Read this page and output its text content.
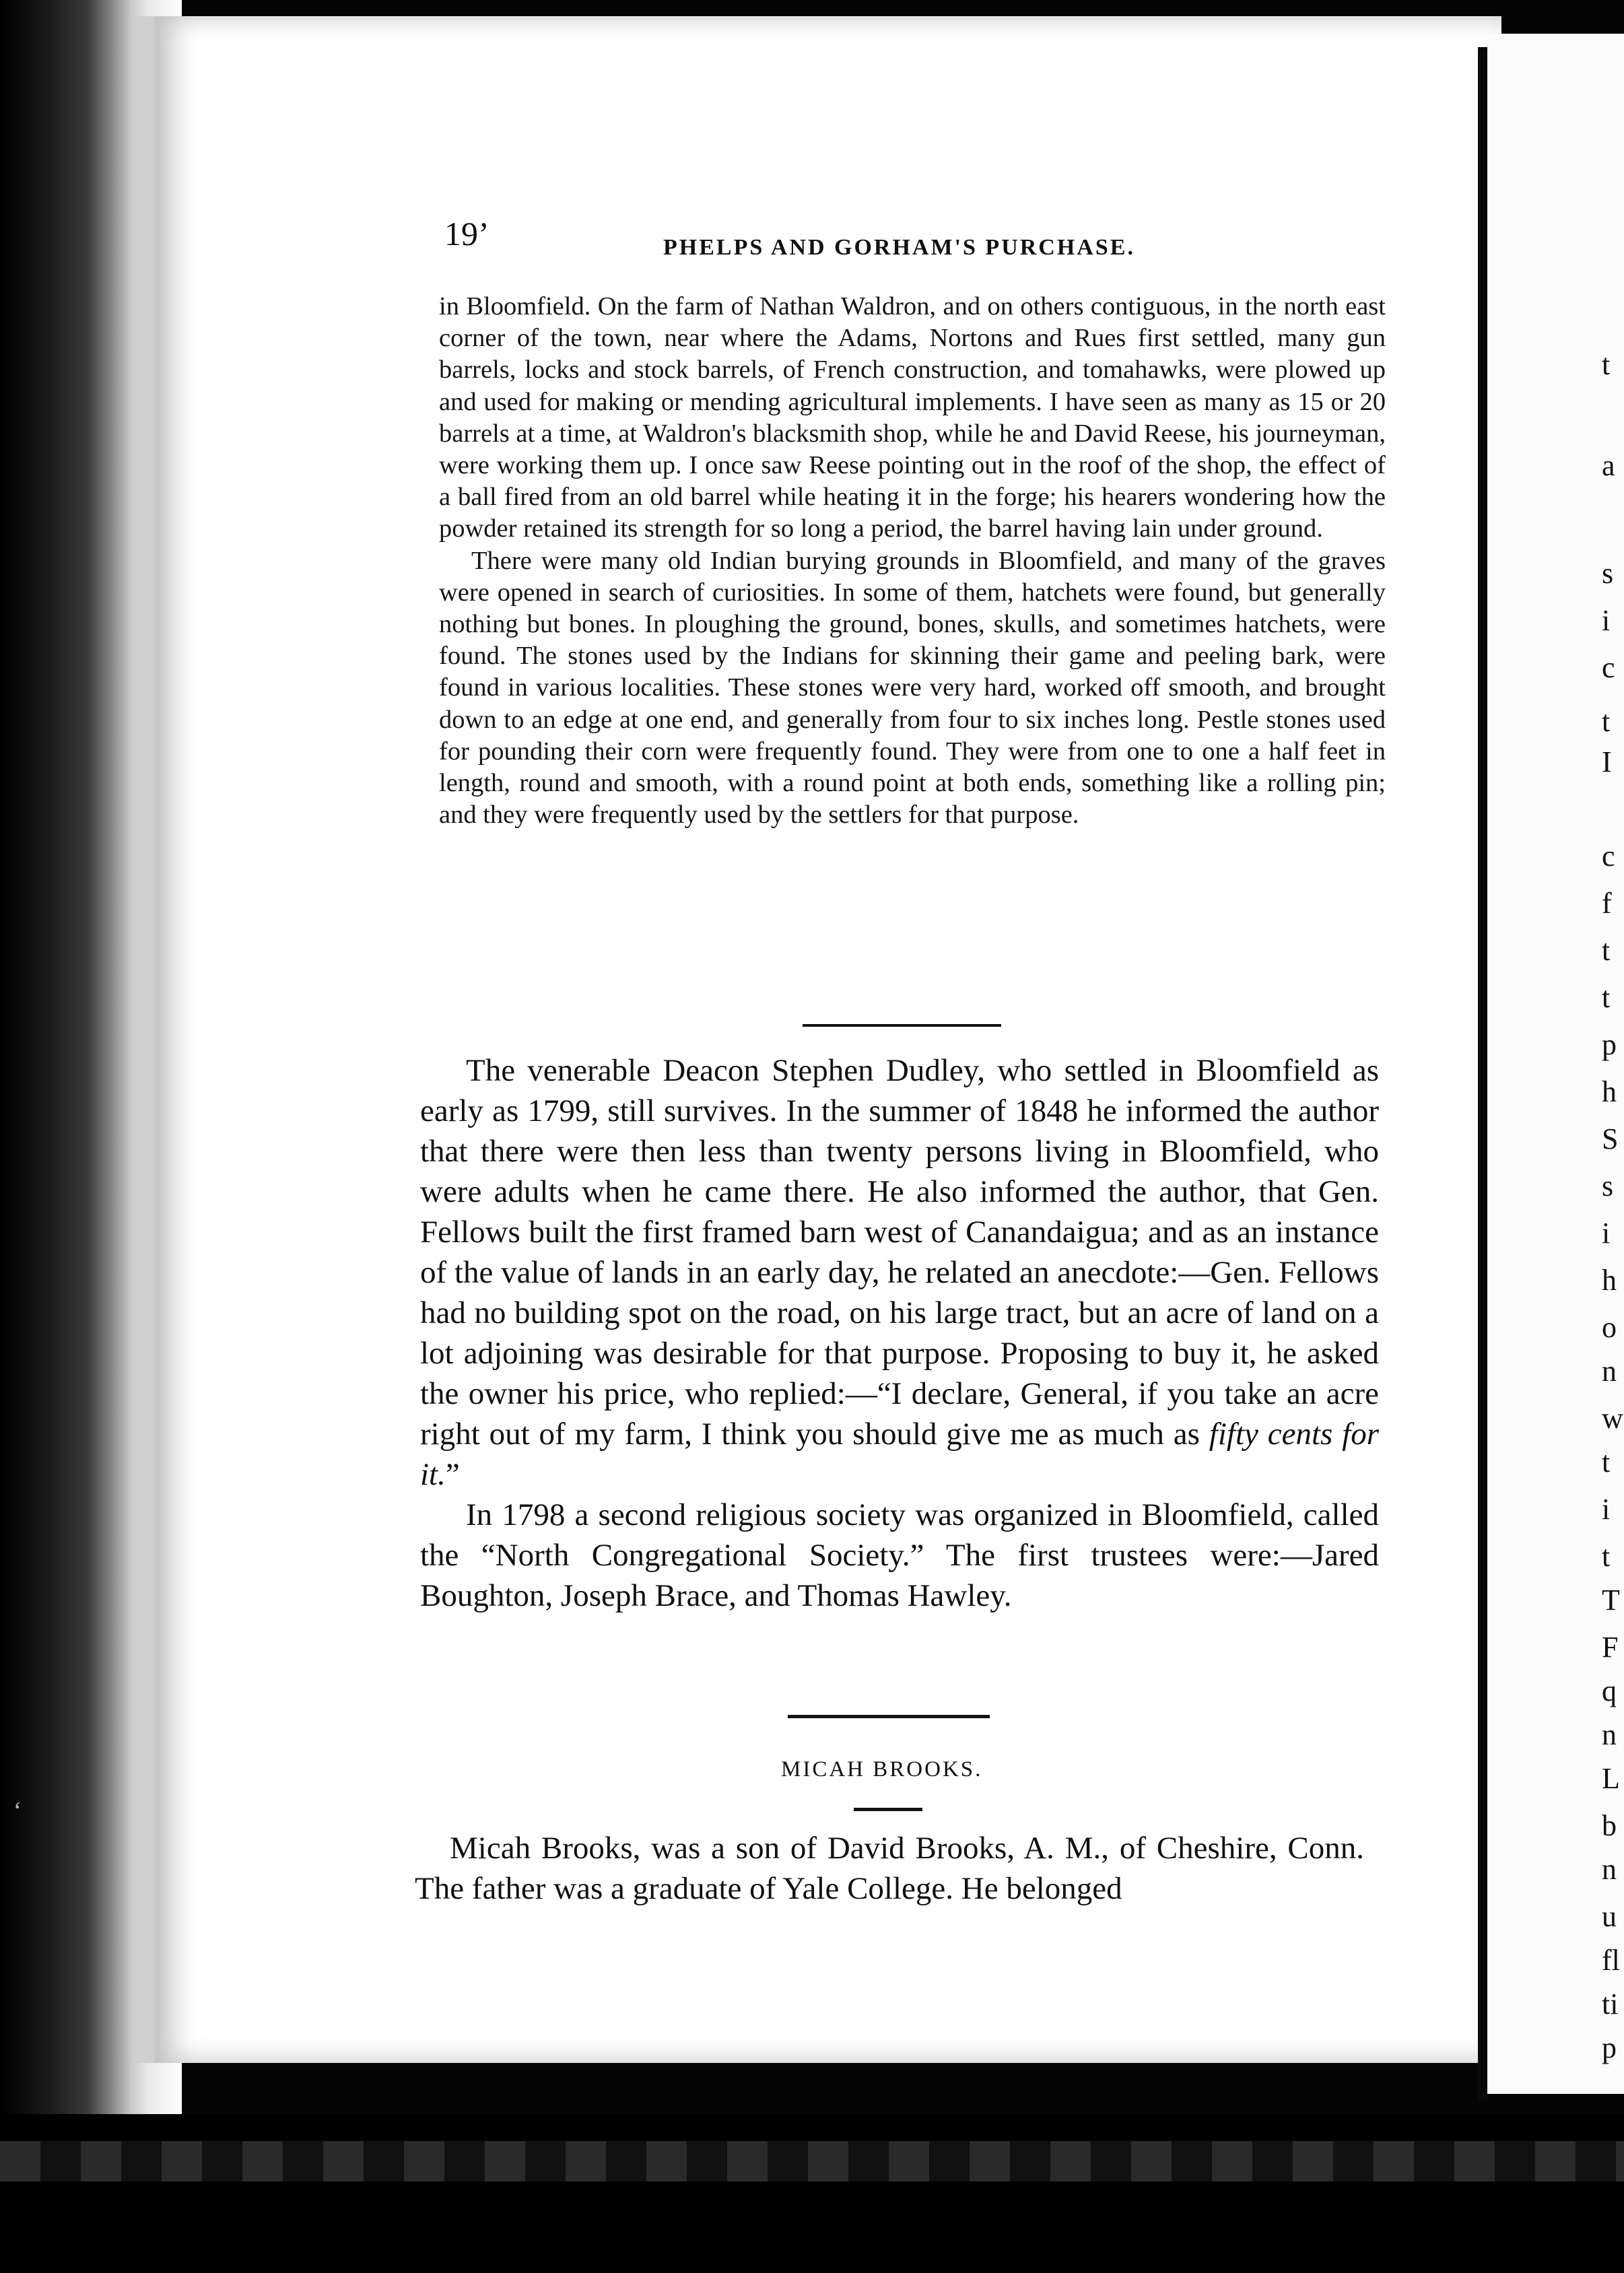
t
a
s
i
c
t
I
c
f
t
t
p
h
S
s
i
h
o
n
w
t
i
t
T
F
q
n
L
b
n
u
fl
ti
p
‘
19’	PHELPS AND GORHAM'S PURCHASE.

in Bloomfield. On the farm of Nathan Waldron, and on others contiguous, in the north east corner of the town, near where the Adams, Nortons and Rues first settled, many gun barrels, locks and stock barrels, of French construction, and tomahawks, were plowed up and used for making or mending agricultural implements. I have seen as many as 15 or 20 barrels at a time, at Waldron's blacksmith shop, while he and David Reese, his journeyman, were working them up. I once saw Reese pointing out in the roof of the shop, the effect of a ball fired from an old barrel while heating it in the forge; his hearers wondering how the powder retained its strength for so long a period, the barrel having lain under ground.

There were many old Indian burying grounds in Bloomfield, and many of the graves were opened in search of curiosities. In some of them, hatchets were found, but generally nothing but bones. In ploughing the ground, bones, skulls, and sometimes hatchets, were found. The stones used by the Indians for skinning their game and peeling bark, were found in various localities. These stones were very hard, worked off smooth, and brought down to an edge at one end, and generally from four to six inches long. Pestle stones used for pounding their corn were frequently found. They were from one to one a half feet in length, round and smooth, with a round point at both ends, something like a rolling pin; and they were frequently used by the settlers for that purpose.

The venerable Deacon Stephen Dudley, who settled in Bloomfield as early as 1799, still survives. In the summer of 1848 he informed the author that there were then less than twenty persons living in Bloomfield, who were adults when he came there. He also informed the author, that Gen. Fellows built the first framed barn west of Canandaigua; and as an instance of the value of lands in an early day, he related an anecdote:—Gen. Fellows had no building spot on the road, on his large tract, but an acre of land on a lot adjoining was desirable for that purpose. Proposing to buy it, he asked the owner his price, who replied:—“I declare, General, if you take an acre right out of my farm, I think you should give me as much as fifty cents for it.”

In 1798 a second religious society was organized in Bloomfield, called the “North Congregational Society.” The first trustees were:—Jared Boughton, Joseph Brace, and Thomas Hawley.

MICAH BROOKS.

Micah Brooks, was a son of David Brooks, A. M., of Cheshire, Conn. The father was a graduate of Yale College. He belonged
